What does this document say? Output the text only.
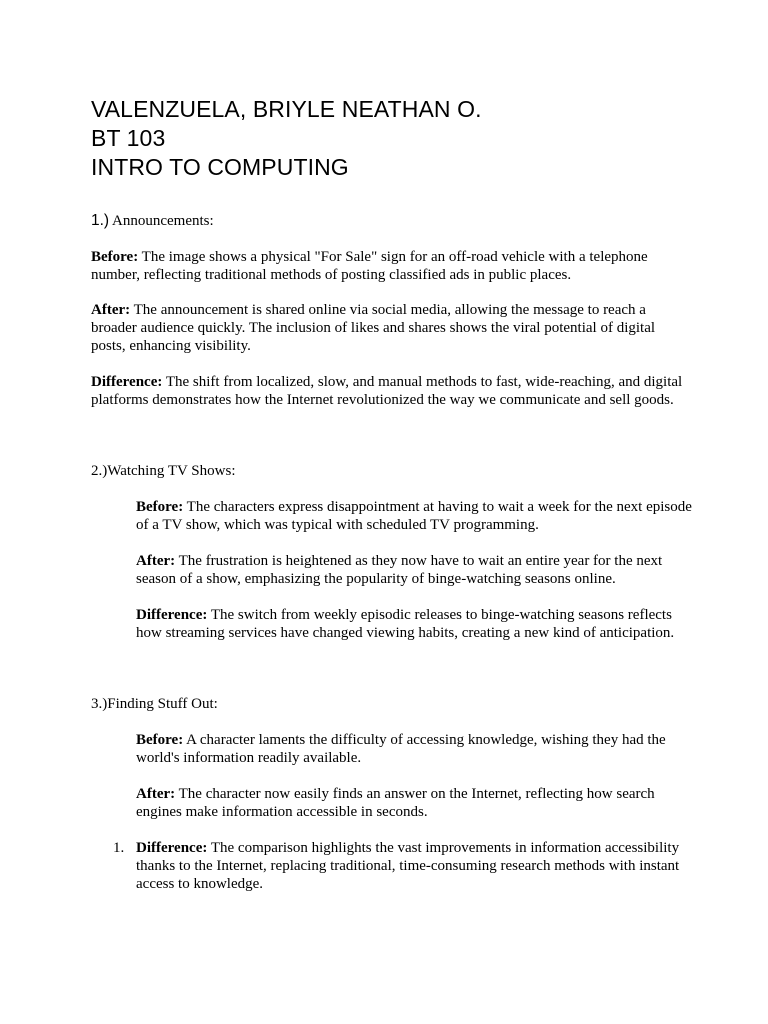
VALENZUELA, BRIYLE NEATHAN O.
BT 103
INTRO TO COMPUTING

1.) Announcements:

Before: The image shows a physical "For Sale" sign for an off-road vehicle with a telephone number, reflecting traditional methods of posting classified ads in public places.

After: The announcement is shared online via social media, allowing the message to reach a broader audience quickly. The inclusion of likes and shares shows the viral potential of digital posts, enhancing visibility.

Difference: The shift from localized, slow, and manual methods to fast, wide-reaching, and digital platforms demonstrates how the Internet revolutionized the way we communicate and sell goods.

2.)Watching TV Shows:

Before: The characters express disappointment at having to wait a week for the next episode of a TV show, which was typical with scheduled TV programming.

After: The frustration is heightened as they now have to wait an entire year for the next season of a show, emphasizing the popularity of binge-watching seasons online.

Difference: The switch from weekly episodic releases to binge-watching seasons reflects how streaming services have changed viewing habits, creating a new kind of anticipation.

3.)Finding Stuff Out:

Before: A character laments the difficulty of accessing knowledge, wishing they had the world's information readily available.

After: The character now easily finds an answer on the Internet, reflecting how search engines make information accessible in seconds.

1. Difference: The comparison highlights the vast improvements in information accessibility thanks to the Internet, replacing traditional, time-consuming research methods with instant access to knowledge.
